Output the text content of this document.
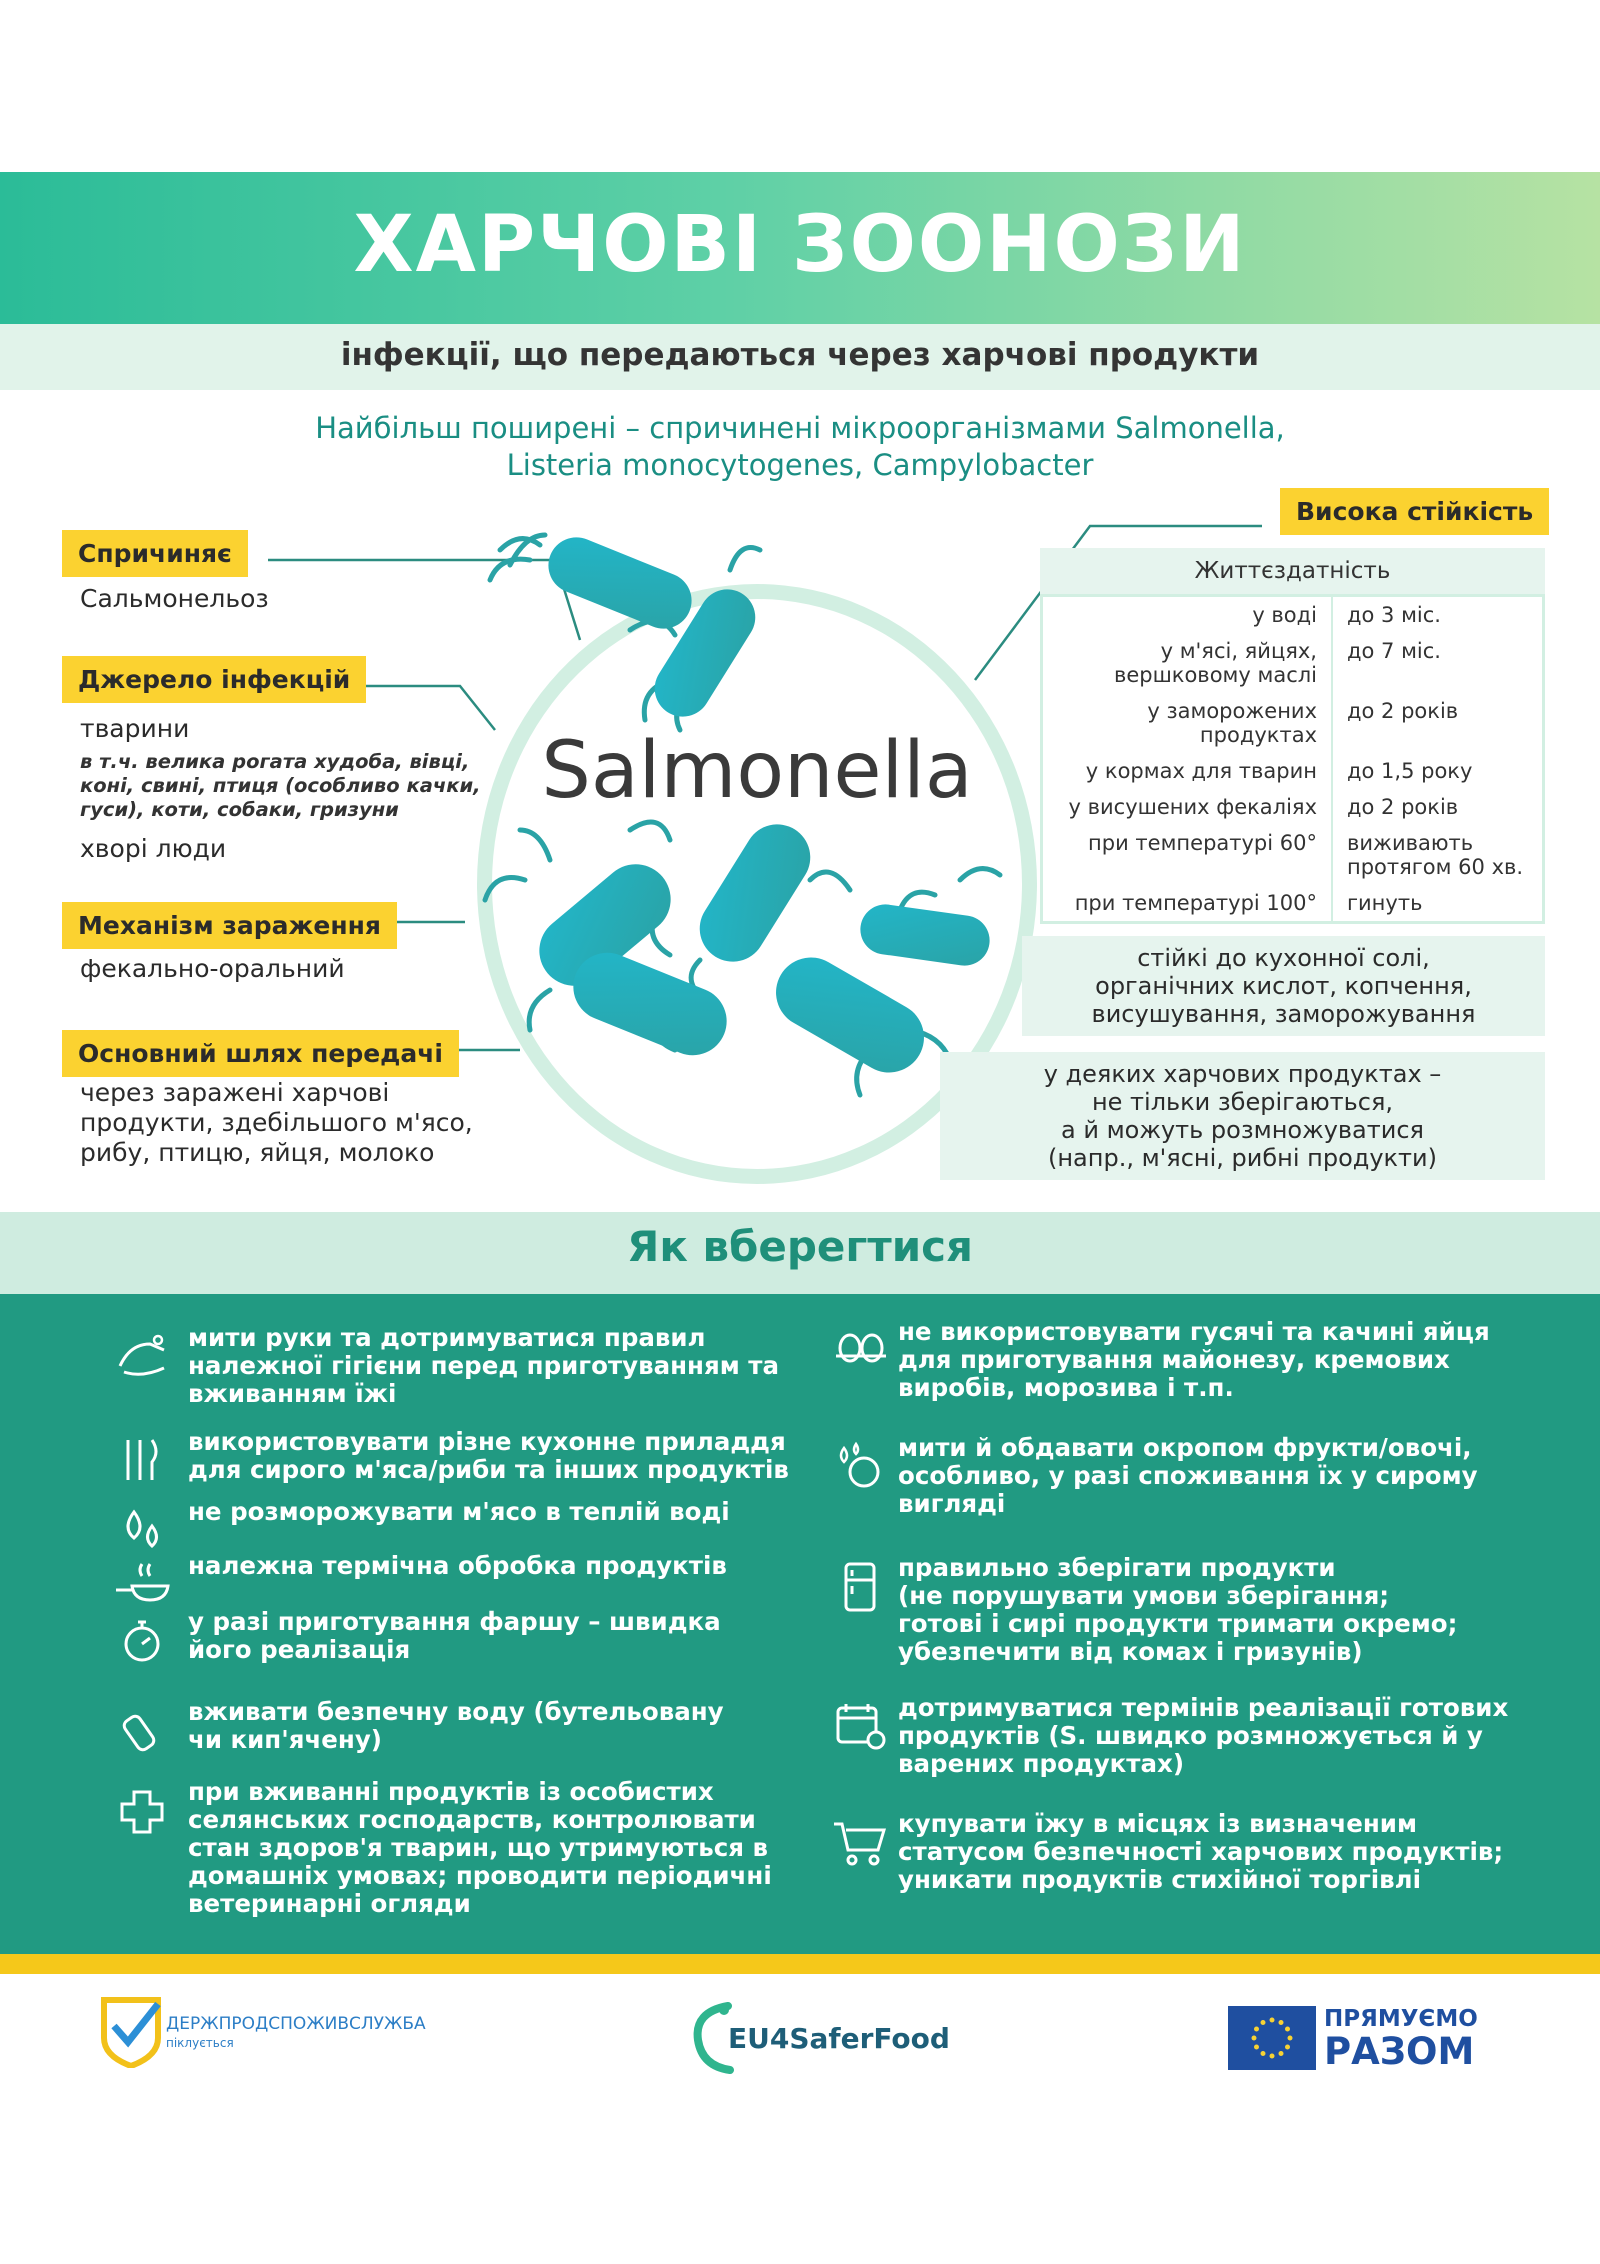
ХАРЧОВІ ЗООНОЗИ
інфекції, що передаються через харчові продукти
Найбільш поширені – спричинені мікроорганізмами Salmonella,
Listeria monocytogenes, Campylobacter
Salmonella
Спричиняє
Сальмонельоз
Джерело інфекцій
тварини
в т.ч. велика рогата худоба, вівці,
коні, свині, птиця (особливо качки,
гуси), коти, собаки, гризуни
хворі люди
Механізм зараження
фекально-оральний
Основний шлях передачі
через заражені харчові
продукти, здебільшого м'ясо,
рибу, птицю, яйця, молоко
Висока стійкість
Життєздатність
у воді до 3 міс.
у м'ясі, яйцях,
вершковому маслі
до 7 міс.
у заморожених
продуктах
до 2 років
у кормах для тварин до 1,5 року
у висушених фекаліях до 2 років
при температурі 60° виживають
протягом 60 хв.
при температурі 100° гинуть
стійкі до кухонної солі,
органічних кислот, копчення,
висушування, заморожування
у деяких харчових продуктах –
не тільки зберігаються,
а й можуть розмножуватися
(напр., м'ясні, рибні продукти)
Як вберегтися
мити руки та дотримуватися правил
належної гігієни перед приготуванням та
вживанням їжі
використовувати різне кухонне приладдя
для сирого м'яса/риби та інших продуктів
не розморожувати м'ясо в теплій воді
належна термічна обробка продуктів
у разі приготування фаршу – швидка
його реалізація
вживати безпечну воду (бутельовану
чи кип'ячену)
при вживанні продуктів із особистих
селянських господарств, контролювати
стан здоров'я тварин, що утримуються в
домашніх умовах; проводити періодичні
ветеринарні огляди
не використовувати гусячі та качині яйця
для приготування майонезу, кремових
виробів, морозива і т.п.
мити й обдавати окропом фрукти/овочі,
особливо, у разі споживання їх у сирому
вигляді
правильно зберігати продукти
(не порушувати умови зберігання;
готові і сирі продукти тримати окремо;
убезпечити від комах і гризунів)
дотримуватися термінів реалізації готових
продуктів (S. швидко розмножується й у
варених продуктах)
купувати їжу в місцях із визначеним
статусом безпечності харчових продуктів;
уникати продуктів стихійної торгівлі
ДЕРЖПРОДСПОЖИВСЛУЖБА
піклується	EU4SaferFood
ПРЯМУЄМО
РАЗОМ
